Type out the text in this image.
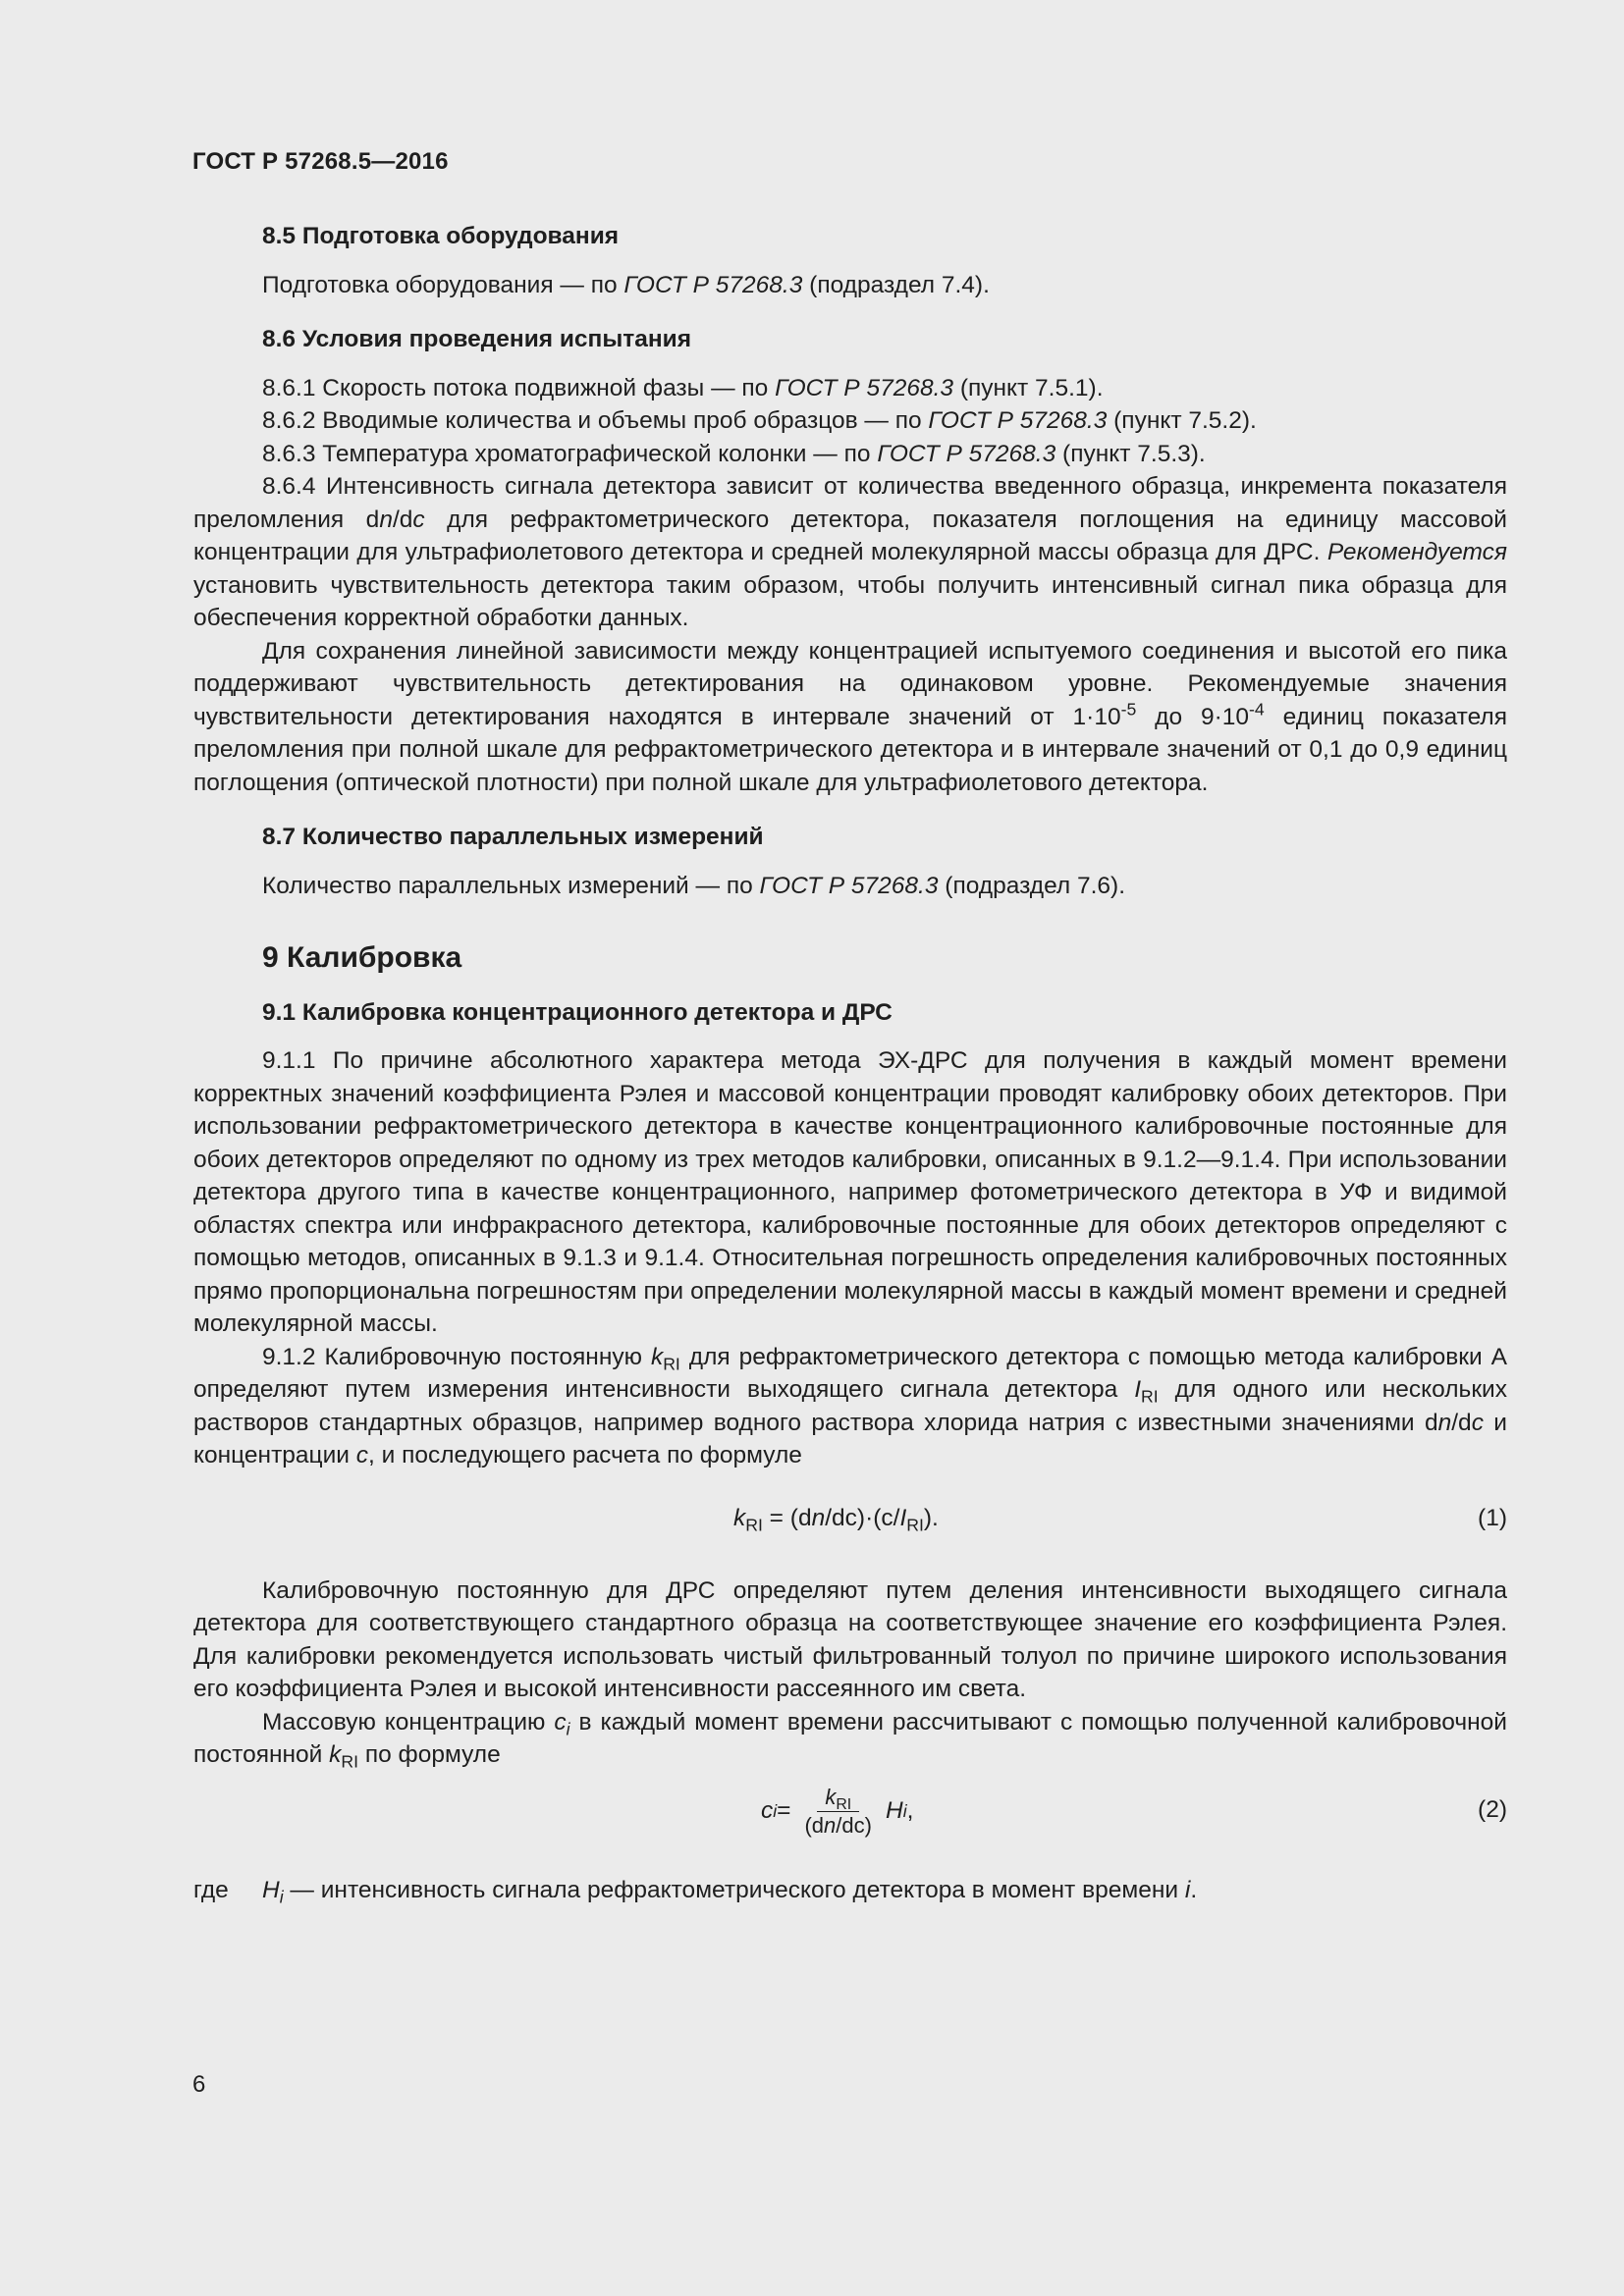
ГОСТ Р 57268.5—2016

8.5 Подготовка оборудования

Подготовка оборудования — по ГОСТ Р 57268.3 (подраздел 7.4).

8.6 Условия проведения испытания

8.6.1 Скорость потока подвижной фазы — по ГОСТ Р 57268.3 (пункт 7.5.1).

8.6.2 Вводимые количества и объемы проб образцов — по ГОСТ Р 57268.3 (пункт 7.5.2).

8.6.3 Температура хроматографической колонки — по ГОСТ Р 57268.3 (пункт 7.5.3).

8.6.4 Интенсивность сигнала детектора зависит от количества введенного образца, инкремента показателя преломления dn/dc для рефрактометрического детектора, показателя поглощения на единицу массовой концентрации для ультрафиолетового детектора и средней молекулярной массы образца для ДРС. Рекомендуется установить чувствительность детектора таким образом, чтобы получить интенсивный сигнал пика образца для обеспечения корректной обработки данных.

Для сохранения линейной зависимости между концентрацией испытуемого соединения и высотой его пика поддерживают чувствительность детектирования на одинаковом уровне. Рекомендуемые значения чувствительности детектирования находятся в интервале значений от $1\cdot 10^{-5}$ до $9\cdot 10^{-4}$ единиц показателя преломления при полной шкале для рефрактометрического детектора и в интервале значений от 0,1 до 0,9 единиц поглощения (оптической плотности) при полной шкале для ультрафиолетового детектора.

8.7 Количество параллельных измерений

Количество параллельных измерений — по ГОСТ Р 57268.3 (подраздел 7.6).

9 Калибровка

9.1 Калибровка концентрационного детектора и ДРС

9.1.1 По причине абсолютного характера метода ЭХ-ДРС для получения в каждый момент времени корректных значений коэффициента Рэлея и массовой концентрации проводят калибровку обоих детекторов. При использовании рефрактометрического детектора в качестве концентрационного калибровочные постоянные для обоих детекторов определяют по одному из трех методов калибровки, описанных в 9.1.2—9.1.4. При использовании детектора другого типа в качестве концентрационного, например фотометрического детектора в УФ и видимой областях спектра или инфракрасного детектора, калибровочные постоянные для обоих детекторов определяют с помощью методов, описанных в 9.1.3 и 9.1.4. Относительная погрешность определения калибровочных постоянных прямо пропорциональна погрешностям при определении молекулярной массы в каждый момент времени и средней молекулярной массы.

9.1.2 Калибровочную постоянную $k_{RI}$ для рефрактометрического детектора с помощью метода калибровки А определяют путем измерения интенсивности выходящего сигнала детектора $I_{RI}$ для одного или нескольких растворов стандартных образцов, например водного раствора хлорида натрия с известными значениями dn/dc и концентрации c, и последующего расчета по формуле

$k_{RI} = (dn/dc)\cdot(c/I_{RI})$.	(1)

Калибровочную постоянную для ДРС определяют путем деления интенсивности выходящего сигнала детектора для соответствующего стандартного образца на соответствующее значение его коэффициента Рэлея. Для калибровки рекомендуется использовать чистый фильтрованный толуол по причине широкого использования его коэффициента Рэлея и высокой интенсивности рассеянного им света.

Массовую концентрацию $c_i$ в каждый момент времени рассчитывают с помощью полученной калибровочной постоянной $k_{RI}$ по формуле

c $i = \frac{k_{RI}}{(dn/dc)}$ H i ,	(2)
где $H_i$ — интенсивность сигнала рефрактометрического детектора в момент времени i.
6
